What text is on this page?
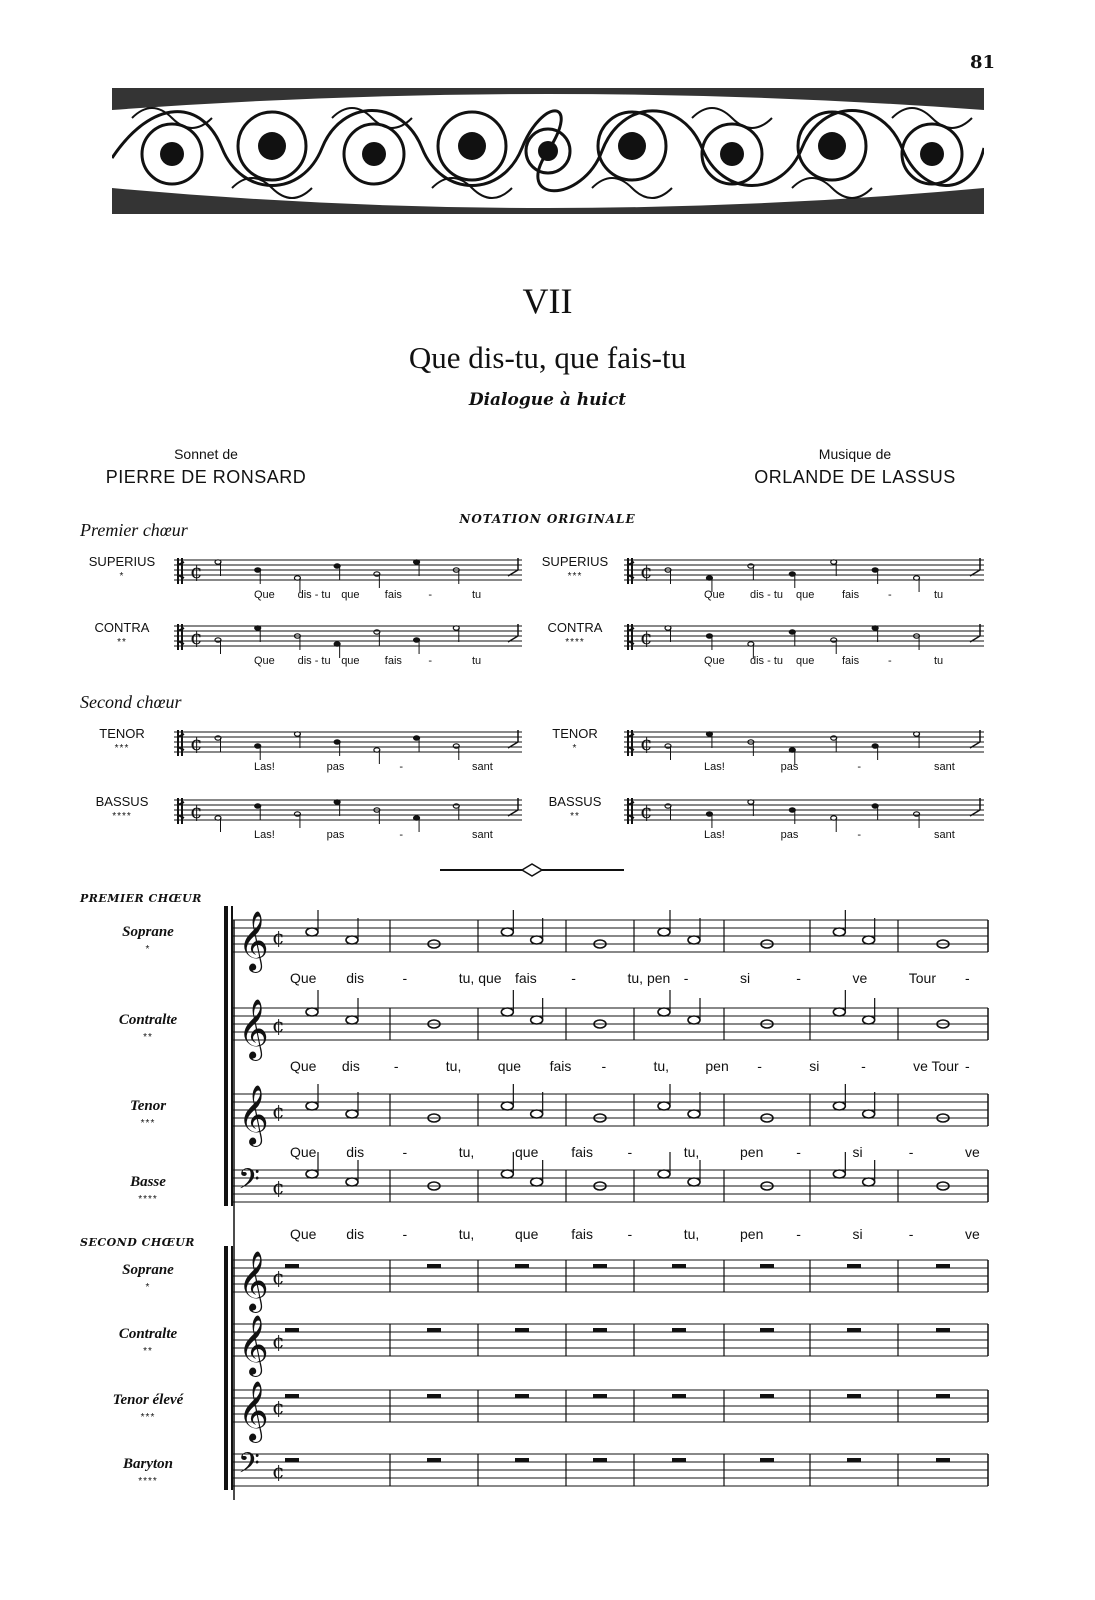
81
VII
Que dis-tu, que fais-tu
Dialogue à huict
Sonnet de
PIERRE DE RONSARD
Musique de
ORLANDE DE LASSUS
NOTATION ORIGINALE
Premier chœur
Second chœur
SUPERIUS
*	¢
Que dis - tu que fais -	tu
CONTRA
**	¢
Que dis - tu que fais -	tu
TENOR
***	¢
Las!	pas	-	sant
BASSUS
****	¢
Las!	pas	-	sant
SUPERIUS
***	¢
Que dis - tu que	fais	-	tu
CONTRA
****	¢
Que dis - tu que	fais	-	tu
TENOR
*	¢
Las!	pas	-	sant
BASSUS
**	¢
Las!	pas	-	sant
PREMIER CHŒUR
SECOND CHŒUR
𝄞 ¢
Soprane
*
Que dis	-	tu, que fais -	tu, pen -	si	-	ve	Tour -
𝄞 ¢
Contralte
**
Que dis -	tu,	que fais -	tu,	pen -	si	-	ve Tour -
𝄞 ¢
Tenor
***
Que dis	-	tu,	que fais -	tu,	pen -	si	-	ve
𝄢 ¢
Basse
****
Que dis	-	tu,	que fais -	tu,	pen -	si	-	ve
𝄞 ¢
Soprane
*
𝄞 ¢
Contralte
**
𝄞 ¢
Tenor élevé
***
𝄢 ¢
Baryton
****
